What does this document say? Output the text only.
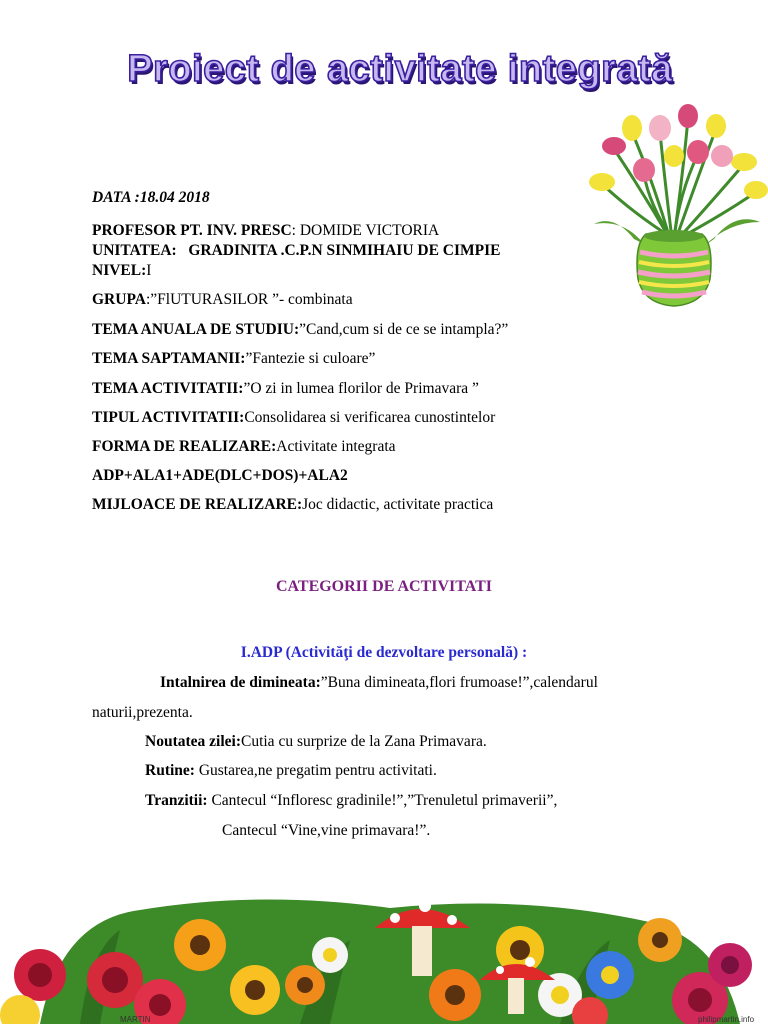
Proiect de activitate integrată
DATA :18.04 2018
PROFESOR PT. INV. PRESC: DOMIDE VICTORIA
UNITATEA: GRADINITA .C.P.N SINMIHAIU DE CIMPIE
NIVEL:I
GRUPA:”FlUTURASILOR ”- combinata
TEMA ANUALA DE STUDIU:”Cand,cum si de ce se intampla?”
TEMA SAPTAMANII:”Fantezie si culoare”
TEMA ACTIVITATII:”O zi in lumea florilor de Primavara ”
TIPUL ACTIVITATII:Consolidarea si verificarea cunostintelor
FORMA DE REALIZARE:Activitate integrata
ADP+ALA1+ADE(DLC+DOS)+ALA2
MIJLOACE DE REALIZARE:Joc didactic, activitate practica
CATEGORII DE ACTIVITATI
I.ADP (Activităţi de dezvoltare personală) :
Intalnirea de dimineata:”Buna dimineata,flori frumoase!”,calendarul
naturii,prezenta.
Noutatea zilei:Cutia cu surprize de la Zana Primavara.
Rutine: Gustarea,ne pregatim pentru activitati.
Tranzitii: Cantecul “Infloresc gradinile!”,”Trenuletul primaverii”,
Cantecul “Vine,vine primavara!”.
MARTIN	philipmartin.info
